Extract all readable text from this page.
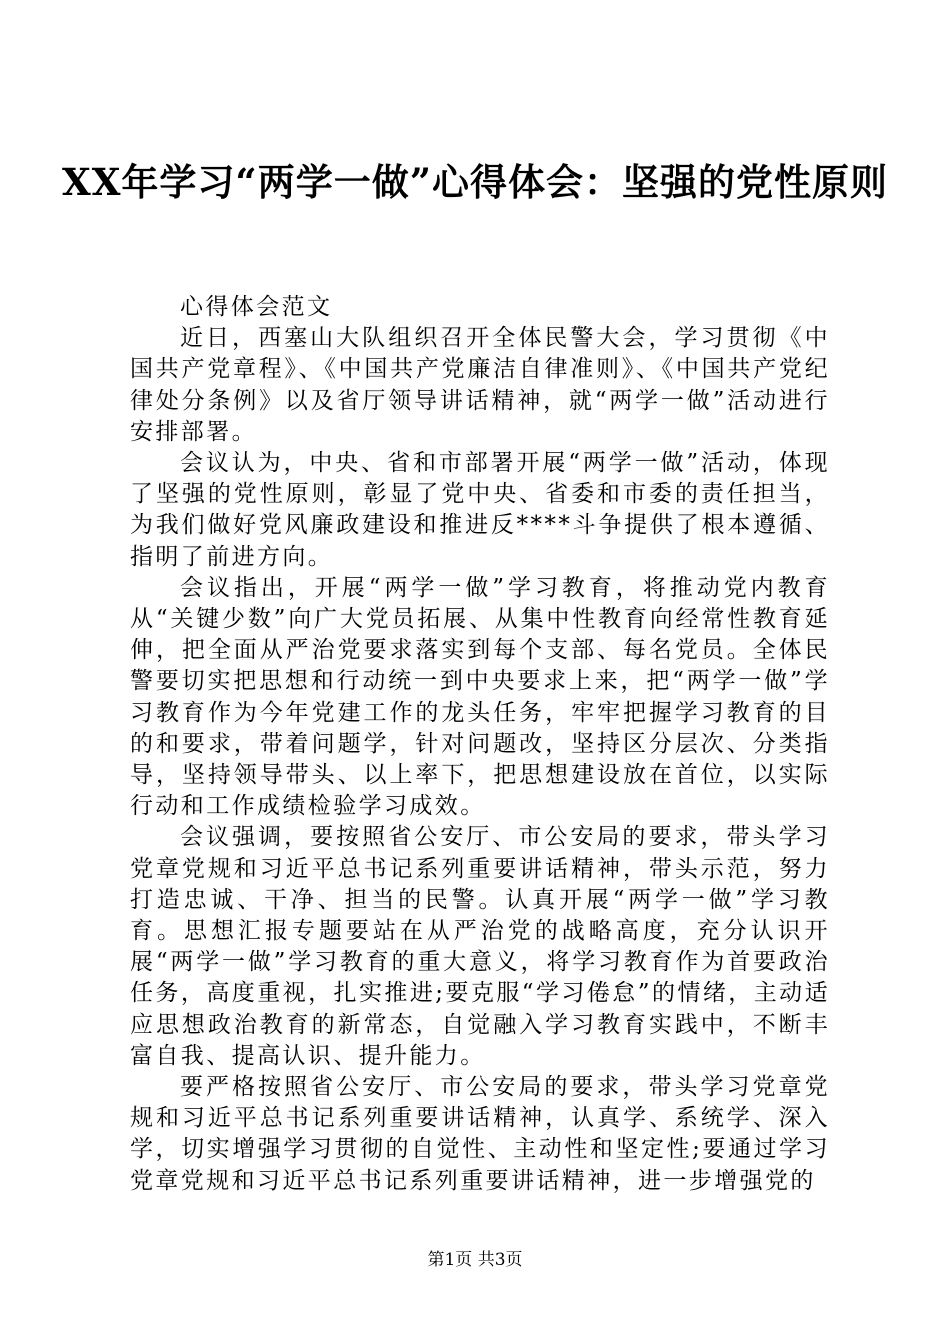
XX年学习“两学一做”心得体会：坚强的党性原则

心得体会范文

近日，西塞山大队组织召开全体民警大会，学习贯彻《中国共产党章程》、《中国共产党廉洁自律准则》、《中国共产党纪律处分条例》以及省厅领导讲话精神，就“两学一做”活动进行安排部署。

会议认为，中央、省和市部署开展“两学一做”活动，体现了坚强的党性原则，彰显了党中央、省委和市委的责任担当，为我们做好党风廉政建设和推进反****斗争提供了根本遵循、指明了前进方向。

会议指出，开展“两学一做”学习教育，将推动党内教育从“关键少数”向广大党员拓展、从集中性教育向经常性教育延伸，把全面从严治党要求落实到每个支部、每名党员。全体民警要切实把思想和行动统一到中央要求上来，把“两学一做”学习教育作为今年党建工作的龙头任务，牢牢把握学习教育的目的和要求，带着问题学，针对问题改，坚持区分层次、分类指导，坚持领导带头、以上率下，把思想建设放在首位，以实际行动和工作成绩检验学习成效。

会议强调，要按照省公安厅、市公安局的要求，带头学习党章党规和习近平总书记系列重要讲话精神，带头示范，努力打造忠诚、干净、担当的民警。认真开展“两学一做”学习教育。思想汇报专题要站在从严治党的战略高度，充分认识开展“两学一做”学习教育的重大意义，将学习教育作为首要政治任务，高度重视，扎实推进;要克服“学习倦怠”的情绪，主动适应思想政治教育的新常态，自觉融入学习教育实践中，不断丰富自我、提高认识、提升能力。

要严格按照省公安厅、市公安局的要求，带头学习党章党规和习近平总书记系列重要讲话精神，认真学、系统学、深入学，切实增强学习贯彻的自觉性、主动性和坚定性;要通过学习党章党规和习近平总书记系列重要讲话精神，进一步增强党的

第1页 共3页
